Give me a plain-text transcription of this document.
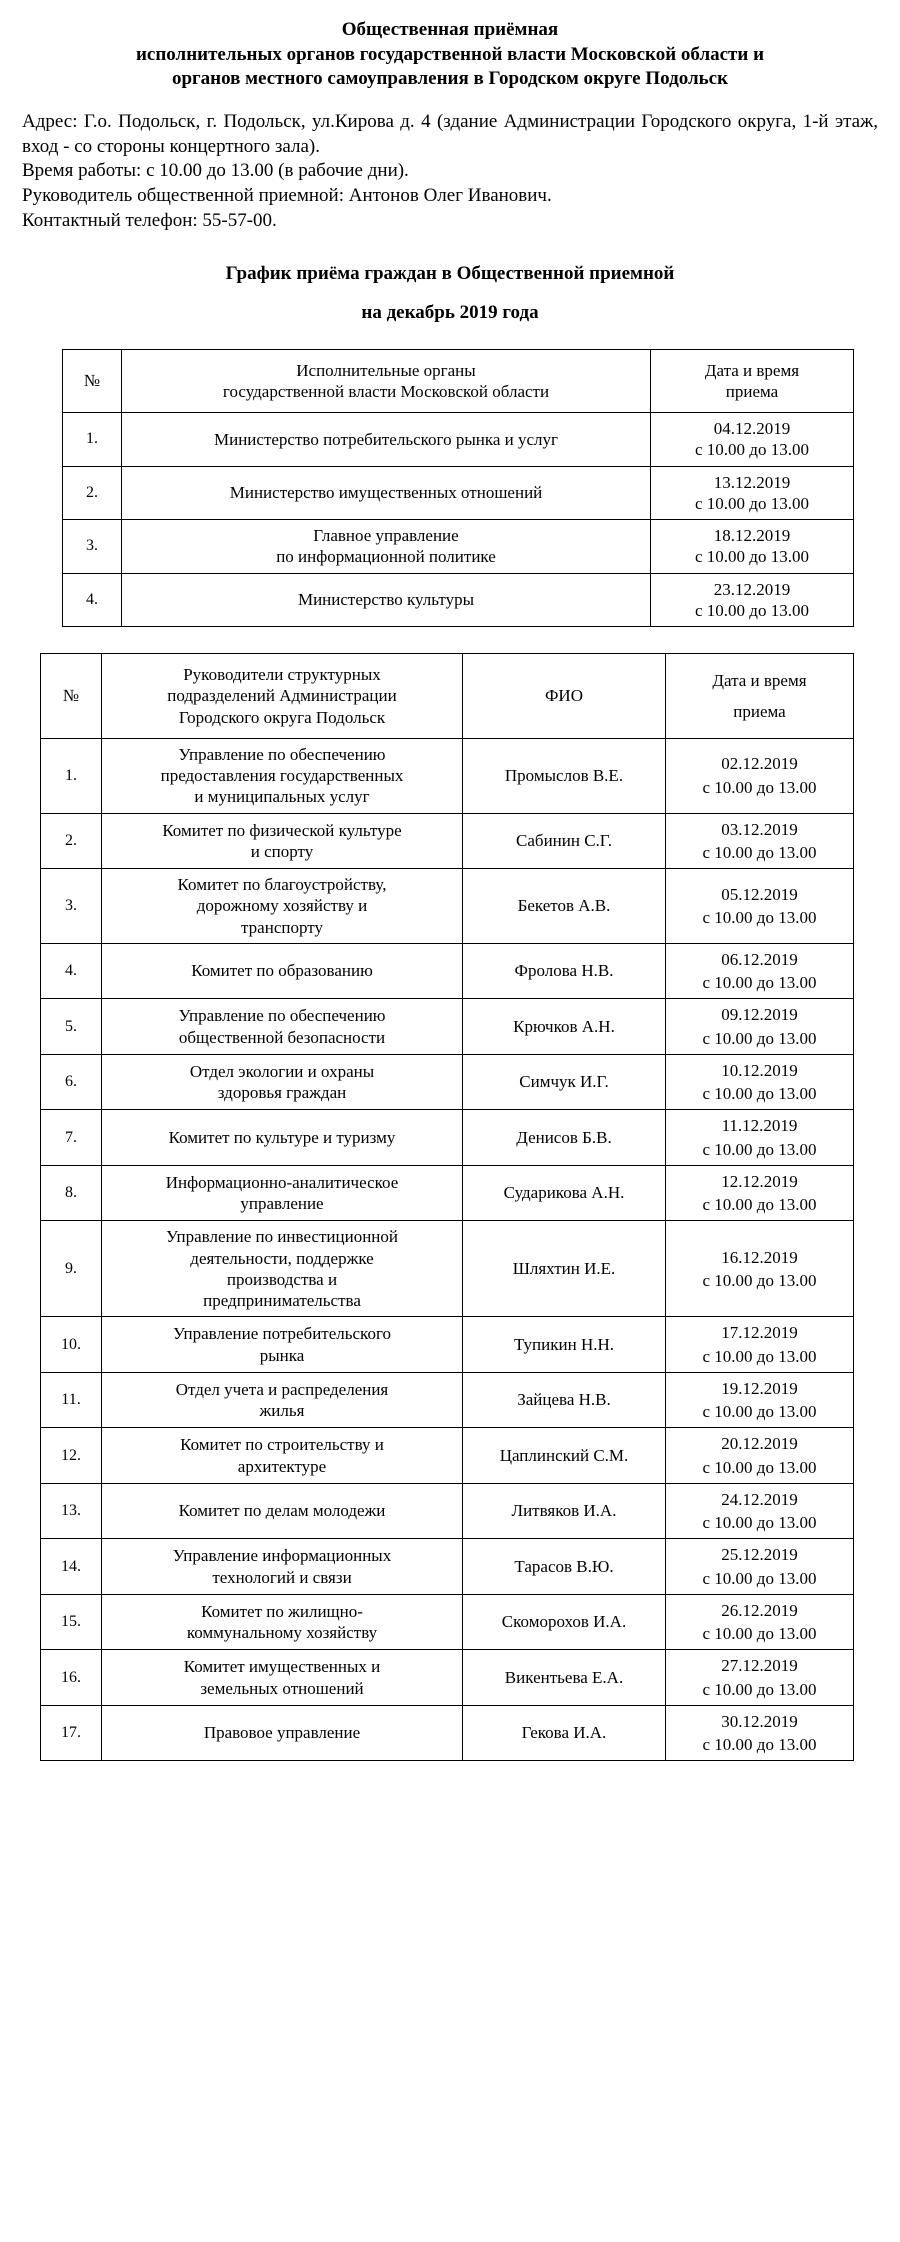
Общественная приёмная
исполнительных органов государственной власти Московской области и
органов местного самоуправления в Городском округе Подольск

Адрес: Г.о. Подольск, г. Подольск, ул.Кирова д. 4 (здание Администрации Городского округа, 1-й этаж, вход - со стороны концертного зала).

Время работы: с 10.00 до 13.00 (в рабочие дни).

Руководитель общественной приемной: Антонов Олег Иванович.

Контактный телефон: 55-57-00.

График приёма граждан в Общественной приемной
на декабрь 2019 года
№	Исполнительные органы
государственной власти Московской области	Дата и время
приема

1.	Министерство потребительского рынка и услуг	04.12.2019
с 10.00 до 13.00

2.	Министерство имущественных отношений	13.12.2019
с 10.00 до 13.00

3.	Главное управление
по информационной политике	18.12.2019
с 10.00 до 13.00

4.	Министерство культуры	23.12.2019
с 10.00 до 13.00
№	Руководители структурных
подразделений Администрации
Городского округа Подольск	ФИО	Дата и время
приема

1.	Управление по обеспечению
предоставления государственных
и муниципальных услуг	Промыслов В.Е.	02.12.2019
с 10.00 до 13.00

2.	Комитет по физической культуре
и спорту	Сабинин С.Г.	03.12.2019
с 10.00 до 13.00

3.	Комитет по благоустройству,
дорожному хозяйству и
транспорту	Бекетов А.В.	05.12.2019
с 10.00 до 13.00

4.	Комитет по образованию	Фролова Н.В.	06.12.2019
с 10.00 до 13.00

5.	Управление по обеспечению
общественной безопасности	Крючков А.Н.	09.12.2019
с 10.00 до 13.00

6.	Отдел экологии и охраны
здоровья граждан	Симчук И.Г.	10.12.2019
с 10.00 до 13.00

7.	Комитет по культуре и туризму	Денисов Б.В.	11.12.2019
с 10.00 до 13.00

8.	Информационно-аналитическое
управление	Сударикова А.Н.	12.12.2019
с 10.00 до 13.00

9.	Управление по инвестиционной
деятельности, поддержке
производства и
предпринимательства	Шляхтин И.Е.	16.12.2019
с 10.00 до 13.00

10.	Управление потребительского
рынка	Тупикин Н.Н.	17.12.2019
с 10.00 до 13.00

11.	Отдел учета и распределения
жилья	Зайцева Н.В.	19.12.2019
с 10.00 до 13.00

12.	Комитет по строительству и
архитектуре	Цаплинский С.М.	20.12.2019
с 10.00 до 13.00

13.	Комитет по делам молодежи	Литвяков И.А.	24.12.2019
с 10.00 до 13.00

14.	Управление информационных
технологий и связи	Тарасов В.Ю.	25.12.2019
с 10.00 до 13.00

15.	Комитет по жилищно-
коммунальному хозяйству	Скоморохов И.А.	26.12.2019
с 10.00 до 13.00

16.	Комитет имущественных и
земельных отношений	Викентьева Е.А.	27.12.2019
с 10.00 до 13.00

17.	Правовое управление	Гекова И.А.	30.12.2019
с 10.00 до 13.00
